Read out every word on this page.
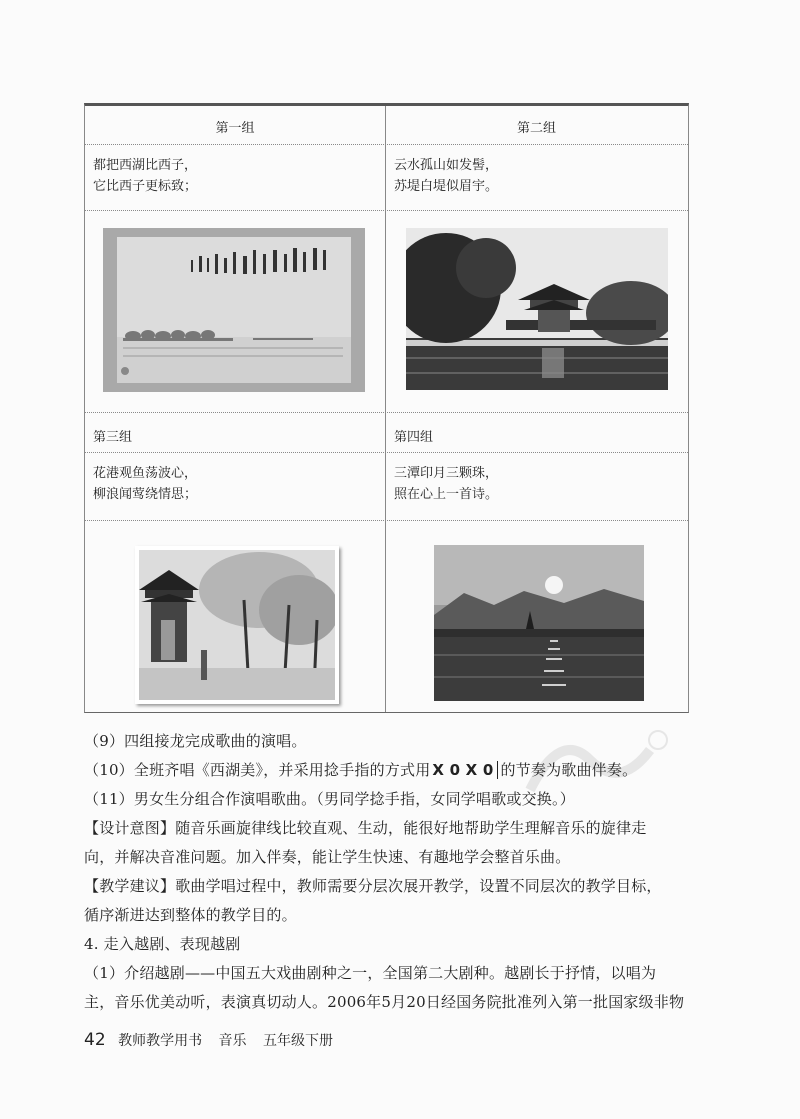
第一组	第二组
都把西湖比西子，
它比西子更标致；
云水孤山如发髻，
苏堤白堤似眉宇。
第三组	第四组
花港观鱼荡波心，
柳浪闻莺绕情思；
三潭印月三颗珠，
照在心上一首诗。
（9）四组接龙完成歌曲的演唱。
（10）全班齐唱《西湖美》，并采用捻手指的方式用 X 0 X 0 的节奏为歌曲伴奏。
（11）男女生分组合作演唱歌曲。（男同学捻手指，女同学唱歌或交换。）
【设计意图】随音乐画旋律线比较直观、生动，能很好地帮助学生理解音乐的旋律走
向，并解决音准问题。加入伴奏，能让学生快速、有趣地学会整首乐曲。
【教学建议】歌曲学唱过程中，教师需要分层次展开教学，设置不同层次的教学目标，
循序渐进达到整体的教学目的。
4. 走入越剧、表现越剧
（1）介绍越剧——中国五大戏曲剧种之一，全国第二大剧种。越剧长于抒情，以唱为
主，音乐优美动听，表演真切动人。2006年5月20日经国务院批准列入第一批国家级非物
42 教师教学用书 音乐 五年级下册
